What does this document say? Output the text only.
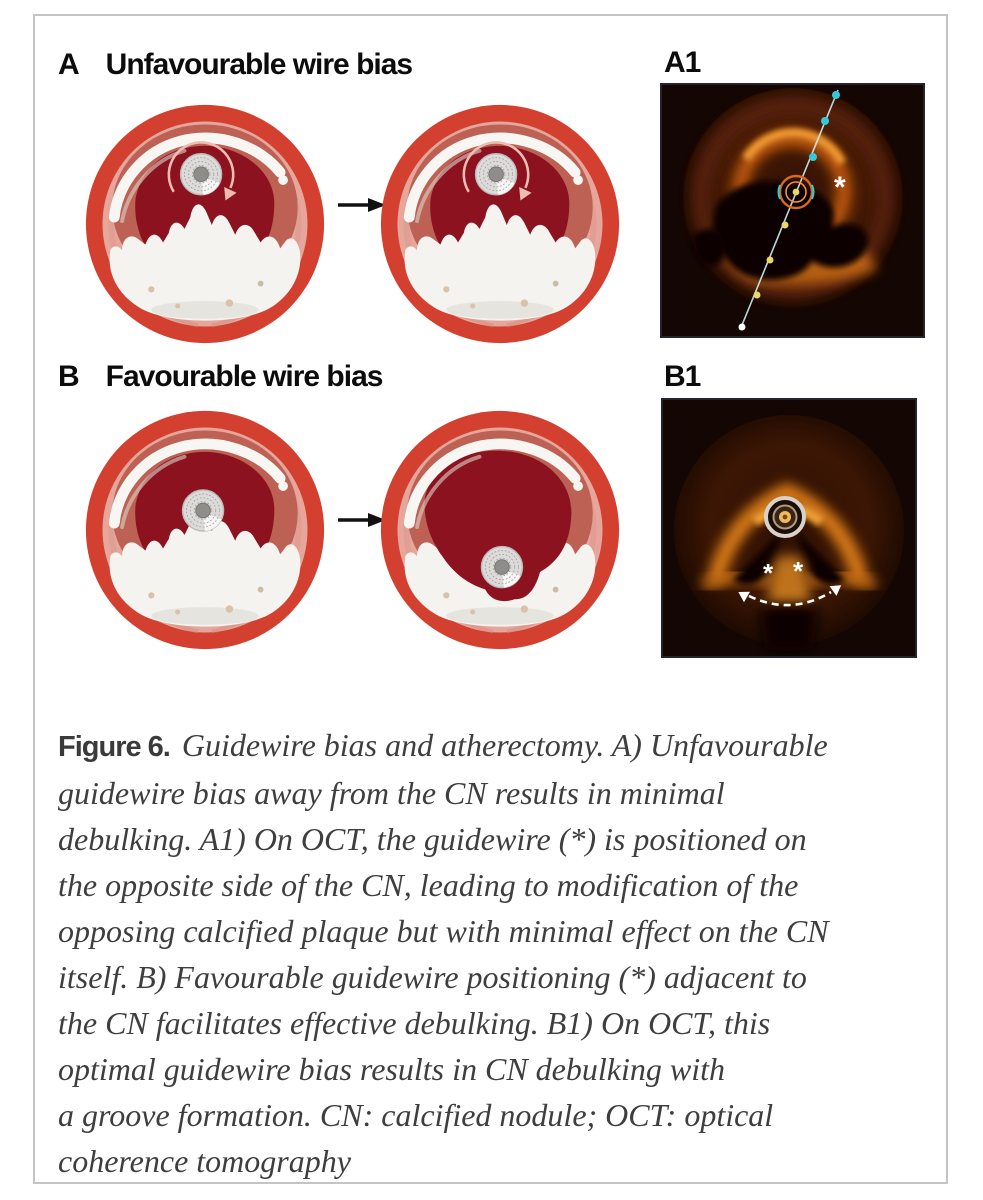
A Unfavourable wire bias	A1
*
B Favourable wire bias	B1
* *
Figure 6. Guidewire bias and atherectomy. A) Unfavourable
guidewire bias away from the CN results in minimal
debulking. A1) On OCT, the guidewire (*) is positioned on
the opposite side of the CN, leading to modification of the
opposing calcified plaque but with minimal effect on the CN
itself. B) Favourable guidewire positioning (*) adjacent to
the CN facilitates effective debulking. B1) On OCT, this
optimal guidewire bias results in CN debulking with
a groove formation. CN: calcified nodule; OCT: optical
coherence tomography
